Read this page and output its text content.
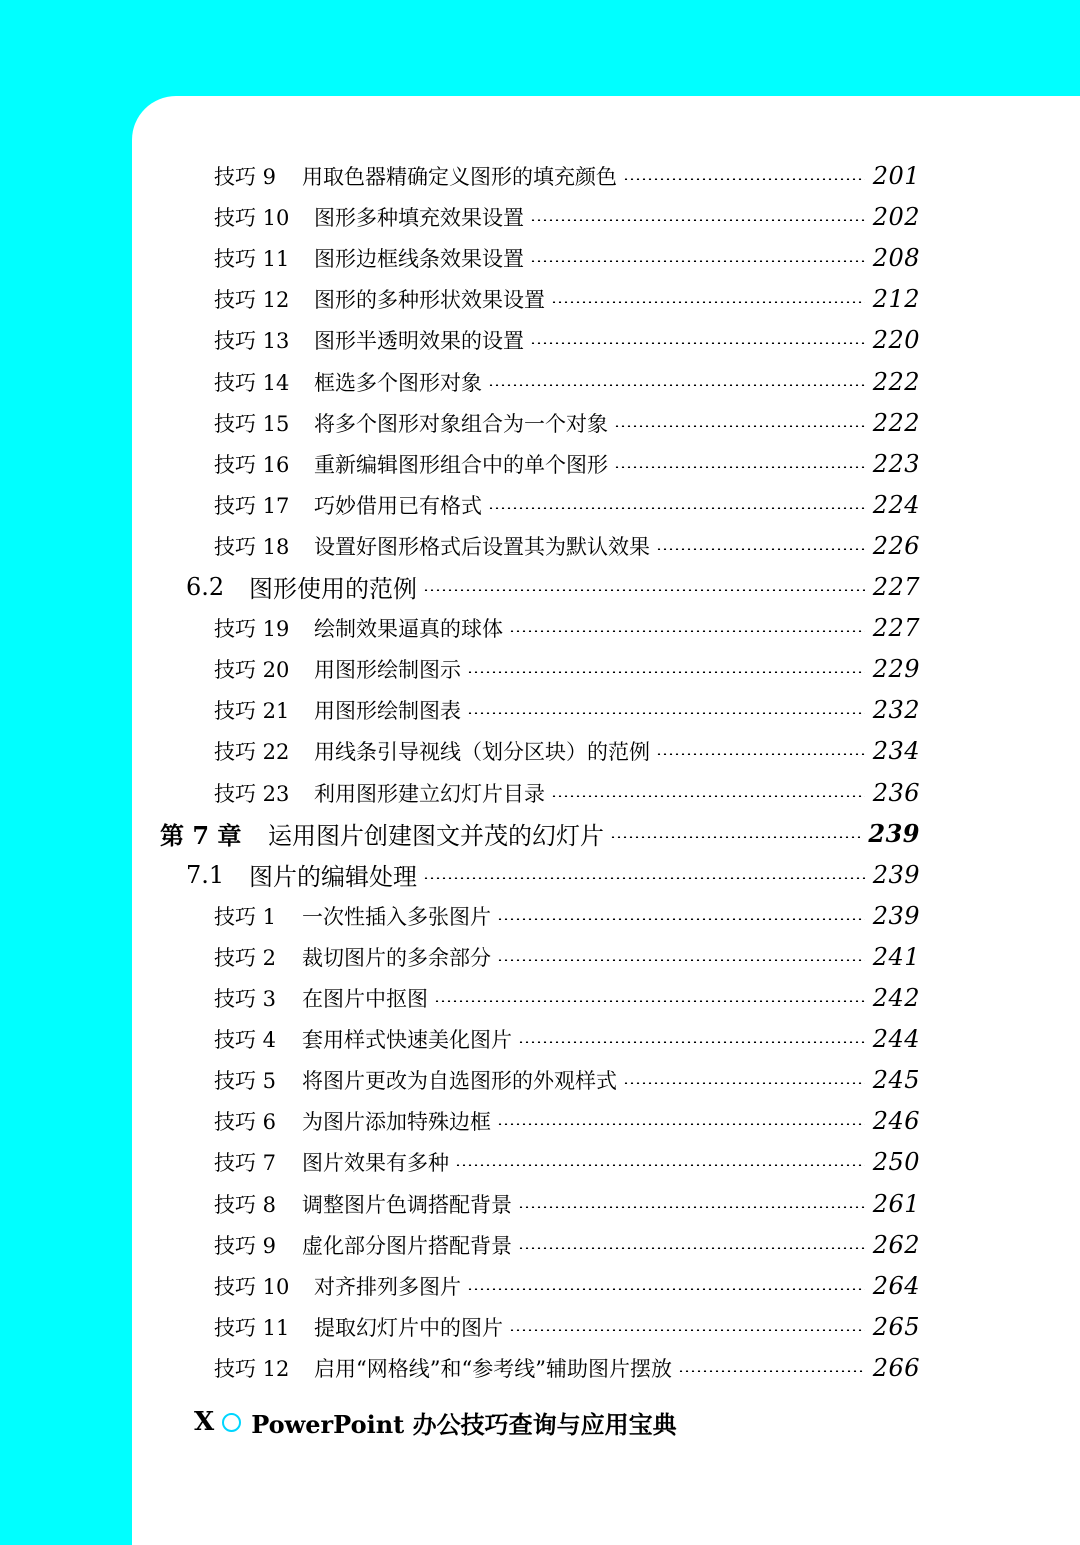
技巧 9	用取色器精确定义图形的填充颜色	201
技巧 10	图形多种填充效果设置	202
技巧 11	图形边框线条效果设置	208
技巧 12	图形的多种形状效果设置	212
技巧 13	图形半透明效果的设置	220
技巧 14	框选多个图形对象	222
技巧 15	将多个图形对象组合为一个对象	222
技巧 16	重新编辑图形组合中的单个图形	223
技巧 17	巧妙借用已有格式	224
技巧 18	设置好图形格式后设置其为默认效果	226
6.2	图形使用的范例	227
技巧 19	绘制效果逼真的球体	227
技巧 20	用图形绘制图示	229
技巧 21	用图形绘制图表	232
技巧 22	用线条引导视线（划分区块）的范例	234
技巧 23	利用图形建立幻灯片目录	236
第 7 章	运用图片创建图文并茂的幻灯片	239
7.1	图片的编辑处理	239
技巧 1	一次性插入多张图片	239
技巧 2	裁切图片的多余部分	241
技巧 3	在图片中抠图	242
技巧 4	套用样式快速美化图片	244
技巧 5	将图片更改为自选图形的外观样式	245
技巧 6	为图片添加特殊边框	246
技巧 7	图片效果有多种	250
技巧 8	调整图片色调搭配背景	261
技巧 9	虚化部分图片搭配背景	262
技巧 10	对齐排列多图片	264
技巧 11	提取幻灯片中的图片	265
技巧 12	启用“网格线”和“参考线”辅助图片摆放	266
X PowerPoint 办公技巧查询与应用宝典
